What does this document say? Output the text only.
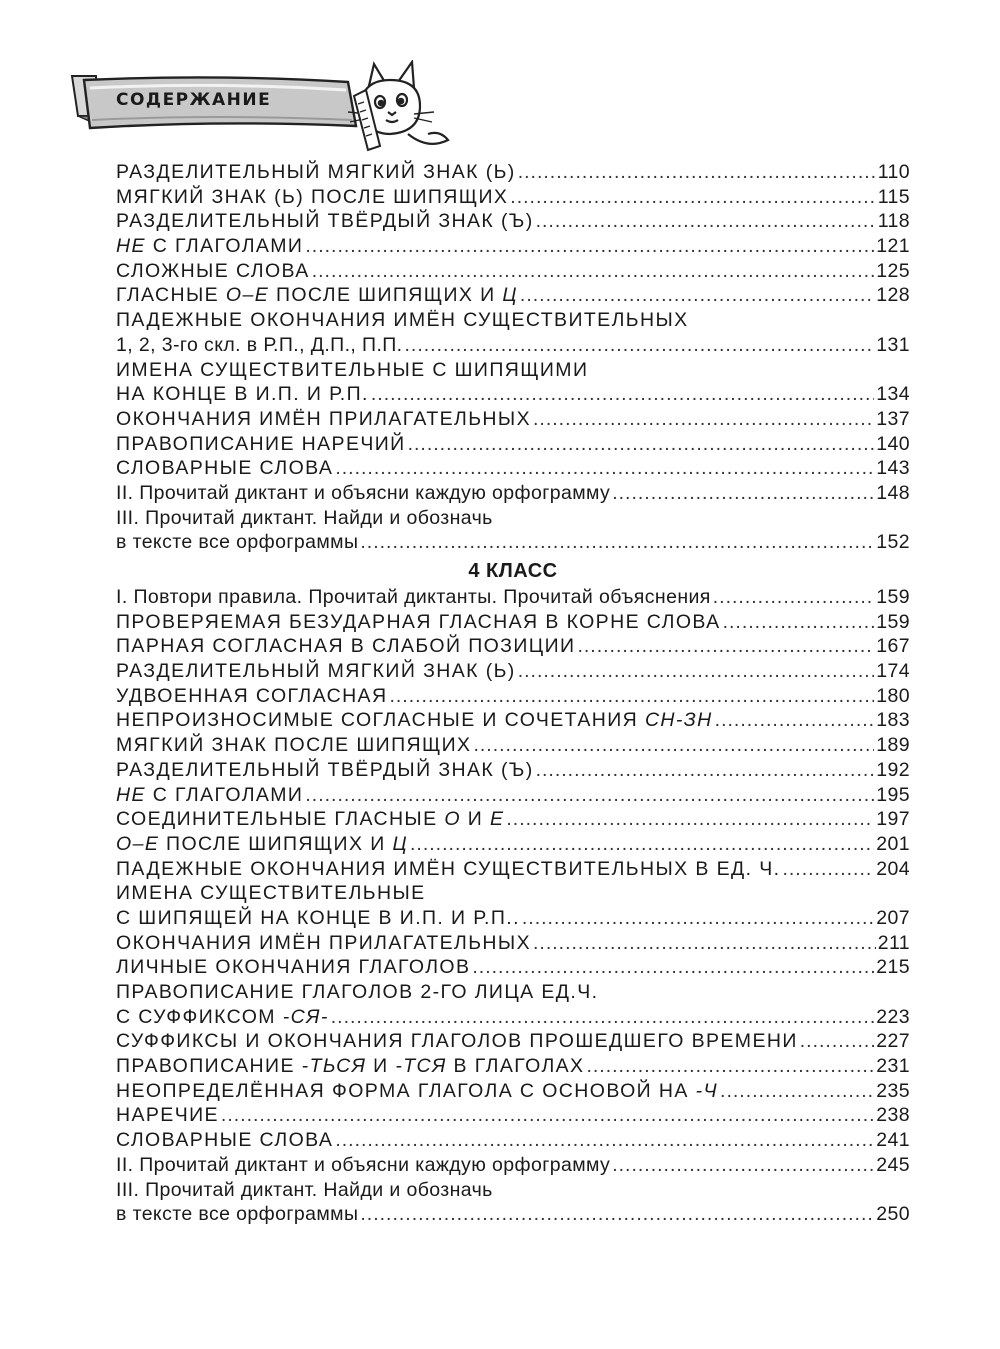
СОДЕРЖАНИЕ
РАЗДЕЛИТЕЛЬНЫЙ МЯГКИЙ ЗНАК (Ь) .....	110
МЯГКИЙ ЗНАК (Ь) ПОСЛЕ ШИПЯЩИХ .....	115
РАЗДЕЛИТЕЛЬНЫЙ ТВЁРДЫЙ ЗНАК (Ъ) .....	118
НЕ С ГЛАГОЛАМИ .....	121
СЛОЖНЫЕ СЛОВА .....	125
ГЛАСНЫЕ О–Е ПОСЛЕ ШИПЯЩИХ И Ц .....	128
ПАДЕЖНЫЕ ОКОНЧАНИЯ ИМЁН СУЩЕСТВИТЕЛЬНЫХ
1, 2, 3-го скл. в Р.П., Д.П., П.П. .....	131
ИМЕНА СУЩЕСТВИТЕЛЬНЫЕ С ШИПЯЩИМИ
НА КОНЦЕ В И.П. И Р.П. .....	134
ОКОНЧАНИЯ ИМЁН ПРИЛАГАТЕЛЬНЫХ .....	137
ПРАВОПИСАНИЕ НАРЕЧИЙ .....	140
СЛОВАРНЫЕ СЛОВА .....	143
II. Прочитай диктант и объясни каждую орфограмму .....	148
III. Прочитай диктант. Найди и обозначь
в тексте все орфограммы .....	152
4 КЛАСС
I. Повтори правила. Прочитай диктанты. Прочитай объяснения .....	159
ПРОВЕРЯЕМАЯ БЕЗУДАРНАЯ ГЛАСНАЯ В КОРНЕ СЛОВА .....	159
ПАРНАЯ СОГЛАСНАЯ В СЛАБОЙ ПОЗИЦИИ .....	167
РАЗДЕЛИТЕЛЬНЫЙ МЯГКИЙ ЗНАК (Ь) .....	174
УДВОЕННАЯ СОГЛАСНАЯ .....	180
НЕПРОИЗНОСИМЫЕ СОГЛАСНЫЕ И СОЧЕТАНИЯ СН-ЗН .....	183
МЯГКИЙ ЗНАК ПОСЛЕ ШИПЯЩИХ .....	189
РАЗДЕЛИТЕЛЬНЫЙ ТВЁРДЫЙ ЗНАК (Ъ) .....	192
НЕ С ГЛАГОЛАМИ .....	195
СОЕДИНИТЕЛЬНЫЕ ГЛАСНЫЕ О И Е .....	197
О–Е ПОСЛЕ ШИПЯЩИХ И Ц .....	201
ПАДЕЖНЫЕ ОКОНЧАНИЯ ИМЁН СУЩЕСТВИТЕЛЬНЫХ В ЕД. Ч. .....	204
ИМЕНА СУЩЕСТВИТЕЛЬНЫЕ
С ШИПЯЩЕЙ НА КОНЦЕ В И.П. И Р.П.. .....	207
ОКОНЧАНИЯ ИМЁН ПРИЛАГАТЕЛЬНЫХ .....	211
ЛИЧНЫЕ ОКОНЧАНИЯ ГЛАГОЛОВ .....	215
ПРАВОПИСАНИЕ ГЛАГОЛОВ 2-ГО ЛИЦА ЕД.Ч.
С СУФФИКСОМ -СЯ- .....	223
СУФФИКСЫ И ОКОНЧАНИЯ ГЛАГОЛОВ ПРОШЕДШЕГО ВРЕМЕНИ .....	227
ПРАВОПИСАНИЕ -ТЬСЯ И -ТСЯ В ГЛАГОЛАХ .....	231
НЕОПРЕДЕЛЁННАЯ ФОРМА ГЛАГОЛА С ОСНОВОЙ НА -Ч .....	235
НАРЕЧИЕ .....	238
СЛОВАРНЫЕ СЛОВА .....	241
II. Прочитай диктант и объясни каждую орфограмму .....	245
III. Прочитай диктант. Найди и обозначь
в тексте все орфограммы .....	250
